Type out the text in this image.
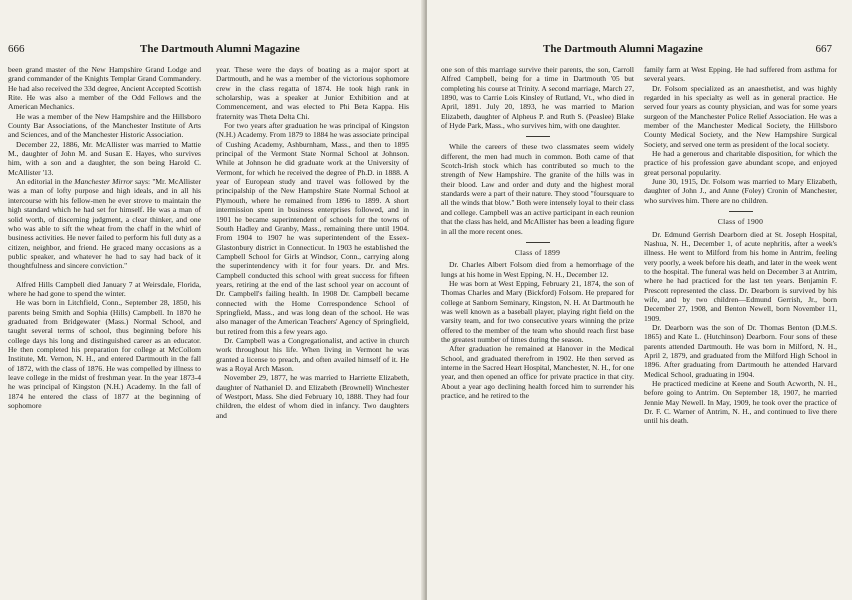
666	The Dartmouth Alumni Magazine

been grand master of the New Hampshire Grand Lodge and grand commander of the Knights Templar Grand Commandery. He had also received the 33d degree, Ancient Accepted Scottish Rite. He was also a member of the Odd Fellows and the American Mechanics.

He was a member of the New Hampshire and the Hillsboro County Bar Associations, of the Manchester Institute of Arts and Sciences, and of the Manchester Historic Association.

December 22, 1886, Mr. McAllister was married to Mattie M., daughter of John M. and Susan E. Hayes, who survives him, with a son and a daughter, the son being Harold C. McAllister '13.

An editorial in the Manchester Mirror says: "Mr. McAllister was a man of lofty purpose and high ideals, and in all his intercourse with his fellow-men he ever strove to maintain the high standard which he had set for himself. He was a man of solid worth, of discerning judgment, a clear thinker, and one who was able to sift the wheat from the chaff in the whirl of business activities. He never failed to perform his full duty as a citizen, neighbor, and friend. He graced many occasions as a public speaker, and whatever he had to say had back of it thoughtfulness and sincere conviction."

Alfred Hills Campbell died January 7 at Weirsdale, Florida, where he had gone to spend the winter.

He was born in Litchfield, Conn., September 28, 1850, his parents being Smith and Sophia (Hills) Campbell. In 1870 he graduated from Bridgewater (Mass.) Normal School, and taught several terms of school, thus beginning before his college days his long and distinguished career as an educator. He then completed his preparation for college at McCollom Institute, Mt. Vernon, N. H., and entered Dartmouth in the fall of 1872, with the class of 1876. He was compelled by illness to leave college in the midst of freshman year. In the year 1873-4 he was principal of Kingston (N.H.) Academy. In the fall of 1874 he entered the class of 1877 at the beginning of sophomore

year. These were the days of boating as a major sport at Dartmouth, and he was a member of the victorious sophomore crew in the class regatta of 1874. He took high rank in scholarship, was a speaker at Junior Exhibition and at Commencement, and was elected to Phi Beta Kappa. His fraternity was Theta Delta Chi.

For two years after graduation he was principal of Kingston (N.H.) Academy. From 1879 to 1884 he was associate principal of Cushing Academy, Ashburnham, Mass., and then to 1895 principal of the Vermont State Normal School at Johnson. While at Johnson he did graduate work at the University of Vermont, for which he received the degree of Ph.D. in 1888. A year of European study and travel was followed by the principalship of the New Hampshire State Normal School at Plymouth, where he remained from 1896 to 1899. A short intermission spent in business enterprises followed, and in 1901 he became superintendent of schools for the towns of South Hadley and Granby, Mass., remaining there until 1904. From 1904 to 1907 he was superintendent of the Essex-Glastonbury district in Connecticut. In 1903 he established the Campbell School for Girls at Windsor, Conn., carrying along the superintendency with it for four years. Dr. and Mrs. Campbell conducted this school with great success for fifteen years, retiring at the end of the last school year on account of Dr. Campbell's failing health. In 1908 Dr. Campbell became connected with the Home Correspondence School of Springfield, Mass., and was long dean of the school. He was also manager of the American Teachers' Agency of Springfield, but retired from this a few years ago.

Dr. Campbell was a Congregationalist, and active in church work throughout his life. When living in Vermont he was granted a license to preach, and often availed himself of it. He was a Royal Arch Mason.

November 29, 1877, he was married to Harriette Elizabeth, daughter of Nathaniel D. and Elizabeth (Brownell) Winchester of Westport, Mass. She died February 10, 1888. They had four children, the eldest of whom died in infancy. Two daughters and

The Dartmouth Alumni Magazine	667

one son of this marriage survive their parents, the son, Carroll Alfred Campbell, being for a time in Dartmouth '05 but completing his course at Trinity. A second marriage, March 27, 1890, was to Carrie Lois Kinsley of Rutland, Vt., who died in April, 1891. July 20, 1893, he was married to Marion Elizabeth, daughter of Alpheus P. and Ruth S. (Peaslee) Blake of Hyde Park, Mass., who survives him, with one daughter.

While the careers of these two classmates seem widely different, the men had much in common. Both came of that Scotch-Irish stock which has contributed so much to the strength of New Hampshire. The granite of the hills was in their blood. Law and order and duty and the highest moral standards were a part of their nature. They stood "foursquare to all the winds that blow." Both were intensely loyal to their class and college. Campbell was an active participant in each reunion that the class has held, and McAllister has been a leading figure in all the more recent ones.

Class of 1899

Dr. Charles Albert Folsom died from a hemorrhage of the lungs at his home in West Epping, N. H., December 12.

He was born at West Epping, February 21, 1874, the son of Thomas Charles and Mary (Bickford) Folsom. He prepared for college at Sanborn Seminary, Kingston, N. H. At Dartmouth he was well known as a baseball player, playing right field on the varsity team, and for two consecutive years winning the prize offered to the member of the team who should reach first base the greatest number of times during the season.

After graduation he remained at Hanover in the Medical School, and graduated therefrom in 1902. He then served as interne in the Sacred Heart Hospital, Manchester, N. H., for one year, and then opened an office for private practice in that city. About a year ago declining health forced him to surrender his practice, and he retired to the

family farm at West Epping. He had suffered from asthma for several years.

Dr. Folsom specialized as an anaesthetist, and was highly regarded in his specialty as well as in general practice. He served four years as county physician, and was for some years surgeon of the Manchester Police Relief Association. He was a member of the Manchester Medical Society, the Hillsboro County Medical Society, and the New Hampshire Surgical Society, and served one term as president of the local society.

He had a generous and charitable disposition, for which the practice of his profession gave abundant scope, and enjoyed great personal popularity.

June 30, 1915, Dr. Folsom was married to Mary Elizabeth, daughter of John J., and Anne (Foley) Cronin of Manchester, who survives him. There are no children.

Class of 1900

Dr. Edmund Gerrish Dearborn died at St. Joseph Hospital, Nashua, N. H., December 1, of acute nephritis, after a week's illness. He went to Milford from his home in Antrim, feeling very poorly, a week before his death, and later in the week went to the hospital. The funeral was held on December 3 at Antrim, where he had practiced for the last ten years. Benjamin F. Prescott represented the class. Dr. Dearborn is survived by his wife, and by two children—Edmund Gerrish, Jr., born December 27, 1908, and Benton Newell, born November 11, 1909.

Dr. Dearborn was the son of Dr. Thomas Benton (D.M.S. 1865) and Kate L. (Hutchinson) Dearborn. Four sons of these parents attended Dartmouth. He was born in Milford, N. H., April 2, 1879, and graduated from the Milford High School in 1896. After graduating from Dartmouth he attended Harvard Medical School, graduating in 1904.

He practiced medicine at Keene and South Acworth, N. H., before going to Antrim. On September 18, 1907, he married Jennie May Newell. In May, 1909, he took over the practice of Dr. F. C. Warner of Antrim, N. H., and continued to live there until his death.
